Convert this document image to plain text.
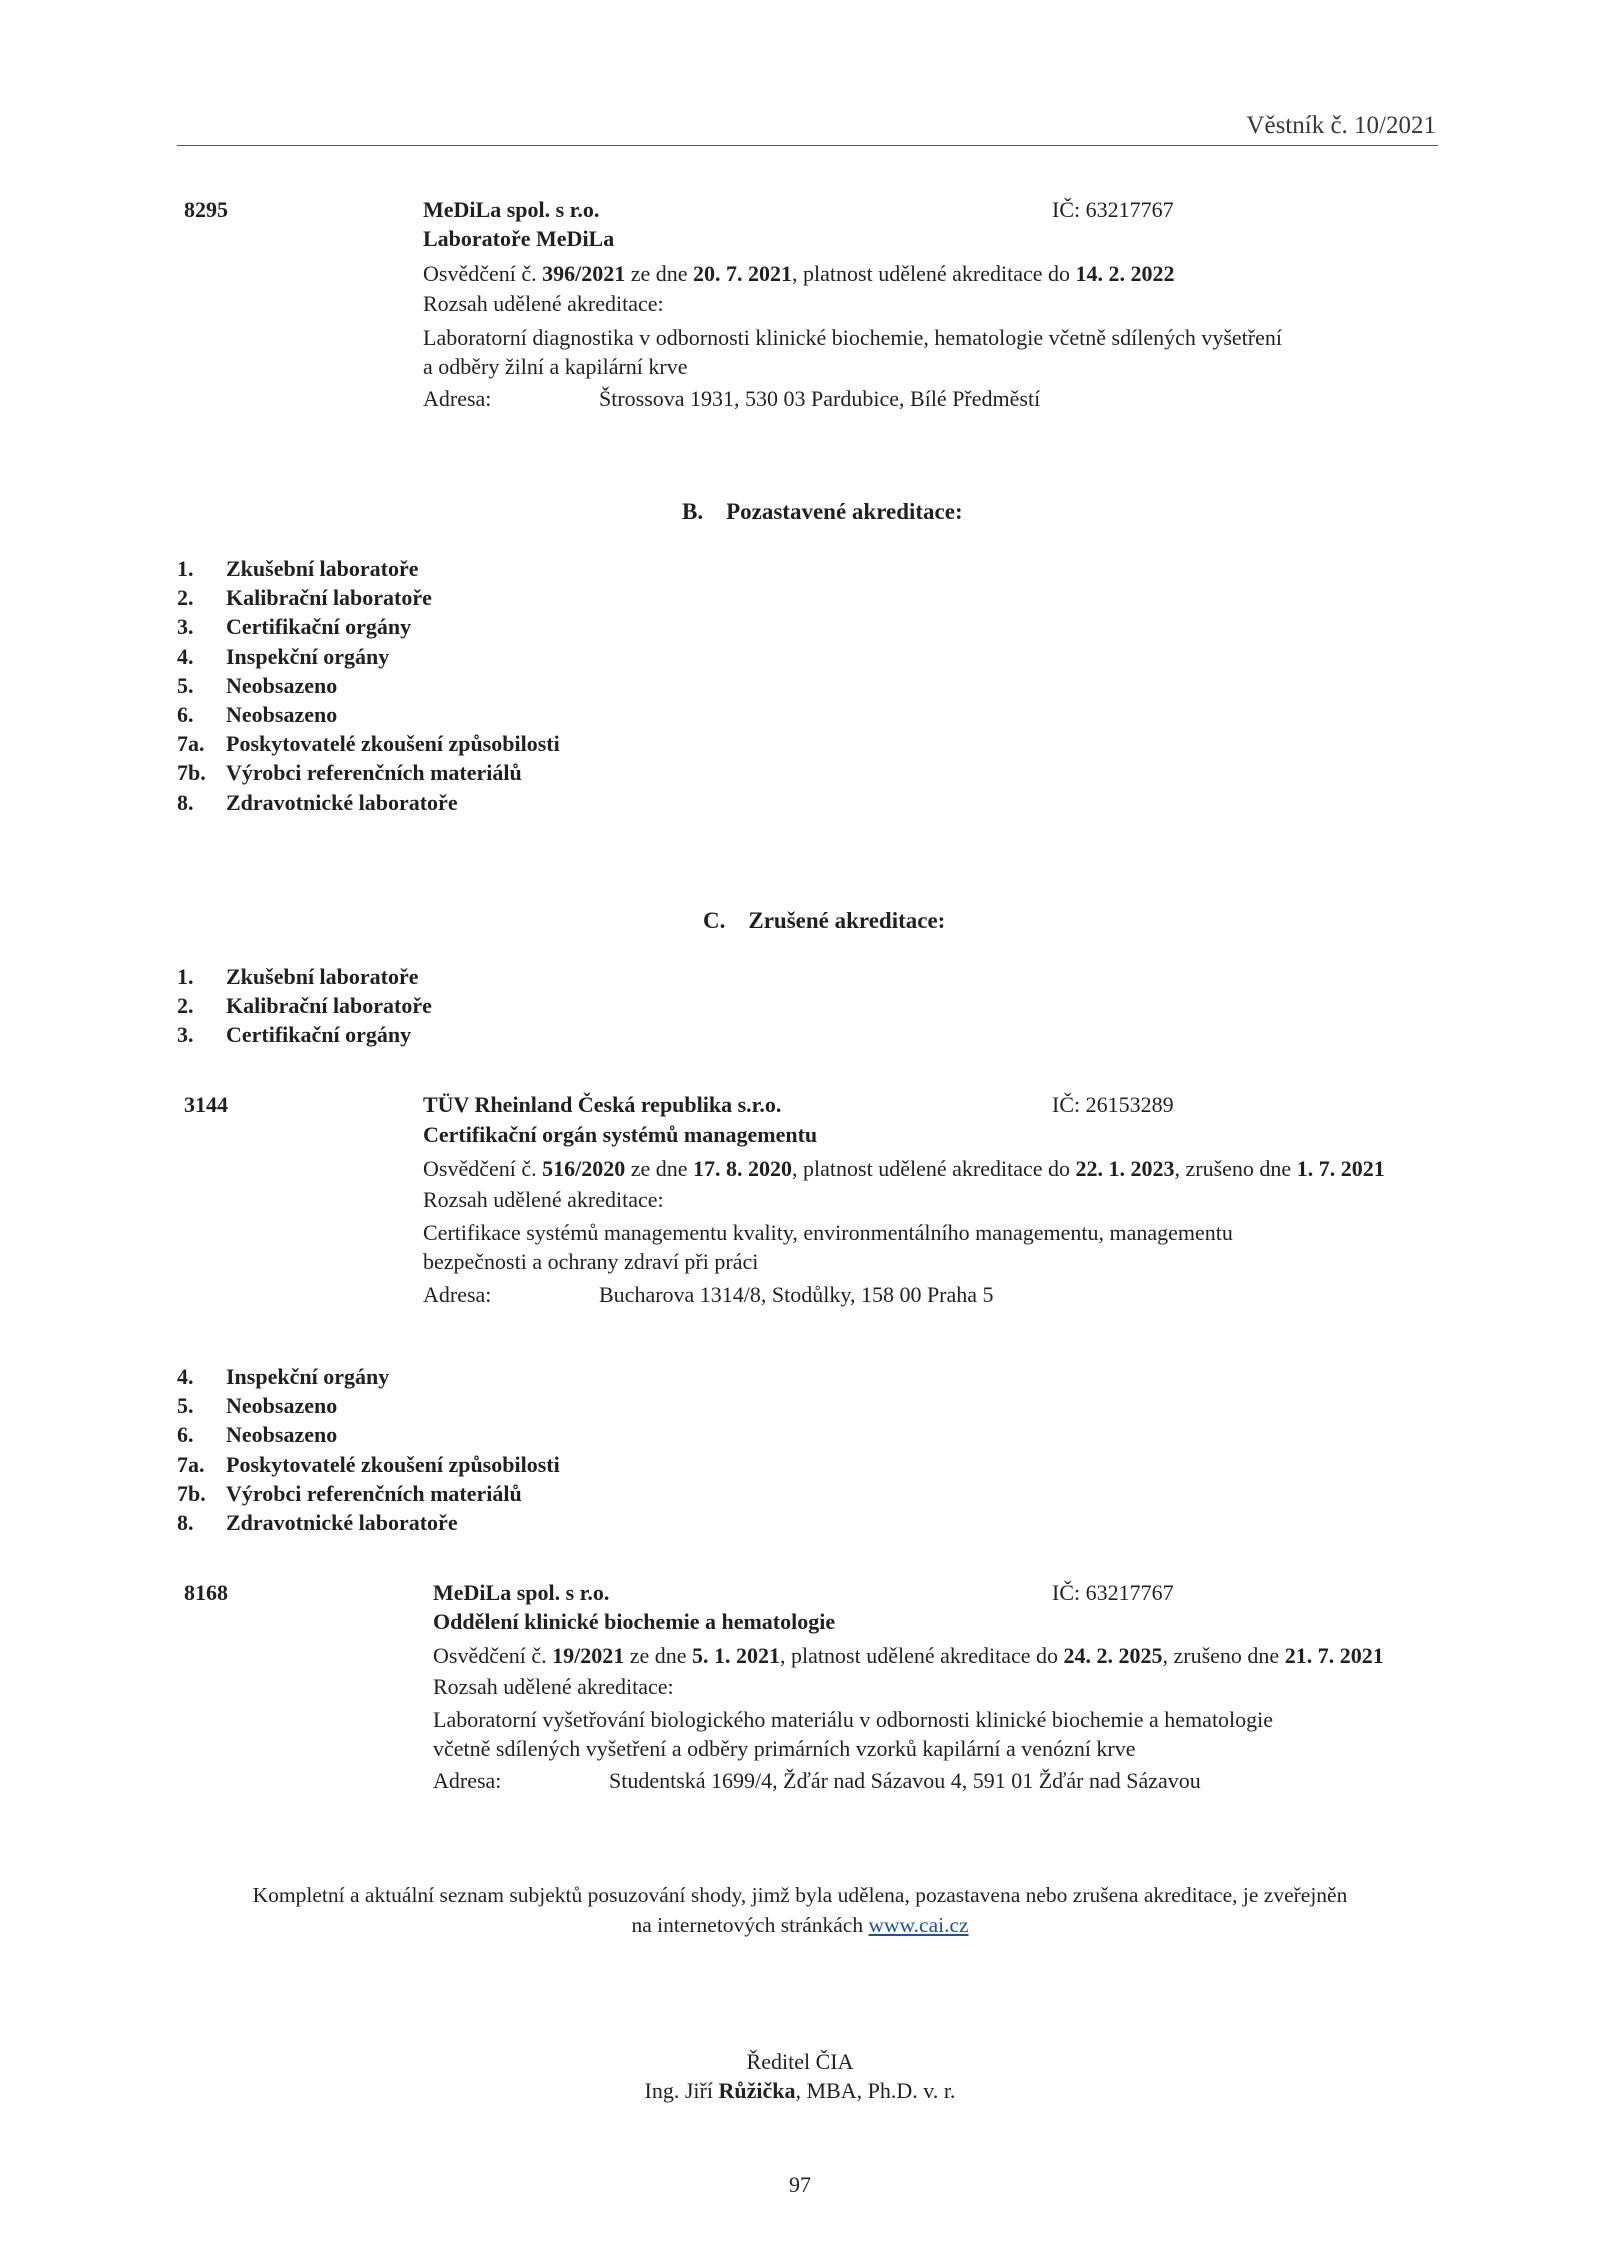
Věstník č. 10/2021
8295	MeDiLa spol. s r.o.	IČ: 63217767
Laboratoře MeDiLa
Osvědčení č. 396/2021 ze dne 20. 7. 2021, platnost udělené akreditace do 14. 2. 2022
Rozsah udělené akreditace:
Laboratorní diagnostika v odbornosti klinické biochemie, hematologie včetně sdílených vyšetření
a odběry žilní a kapilární krve
Adresa:	Štrossova 1931, 530 03 Pardubice, Bílé Předměstí
B. Pozastavené akreditace:
1.	Zkušební laboratoře
2.	Kalibrační laboratoře
3.	Certifikační orgány
4.	Inspekční orgány
5.	Neobsazeno
6.	Neobsazeno
7a. Poskytovatelé zkoušení způsobilosti
7b. Výrobci referenčních materiálů
8.	Zdravotnické laboratoře
C. Zrušené akreditace:
1.	Zkušební laboratoře
2.	Kalibrační laboratoře
3.	Certifikační orgány
3144	TÜV Rheinland Česká republika s.r.o.	IČ: 26153289
Certifikační orgán systémů managementu
Osvědčení č. 516/2020 ze dne 17. 8. 2020, platnost udělené akreditace do 22. 1. 2023, zrušeno dne 1. 7. 2021
Rozsah udělené akreditace:
Certifikace systémů managementu kvality, environmentálního managementu, managementu
bezpečnosti a ochrany zdraví při práci
Adresa:	Bucharova 1314/8, Stodůlky, 158 00 Praha 5
4.	Inspekční orgány
5.	Neobsazeno
6.	Neobsazeno
7a. Poskytovatelé zkoušení způsobilosti
7b. Výrobci referenčních materiálů
8.	Zdravotnické laboratoře
8168	MeDiLa spol. s r.o.	IČ: 63217767
Oddělení klinické biochemie a hematologie
Osvědčení č. 19/2021 ze dne 5. 1. 2021, platnost udělené akreditace do 24. 2. 2025, zrušeno dne 21. 7. 2021
Rozsah udělené akreditace:
Laboratorní vyšetřování biologického materiálu v odbornosti klinické biochemie a hematologie
včetně sdílených vyšetření a odběry primárních vzorků kapilární a venózní krve
Adresa:	Studentská 1699/4, Žďár nad Sázavou 4, 591 01 Žďár nad Sázavou
Kompletní a aktuální seznam subjektů posuzování shody, jimž byla udělena, pozastavena nebo zrušena akreditace, je zveřejněn
na internetových stránkách www.cai.cz
Ředitel ČIA
Ing. Jiří Růžička, MBA, Ph.D. v. r.
97
